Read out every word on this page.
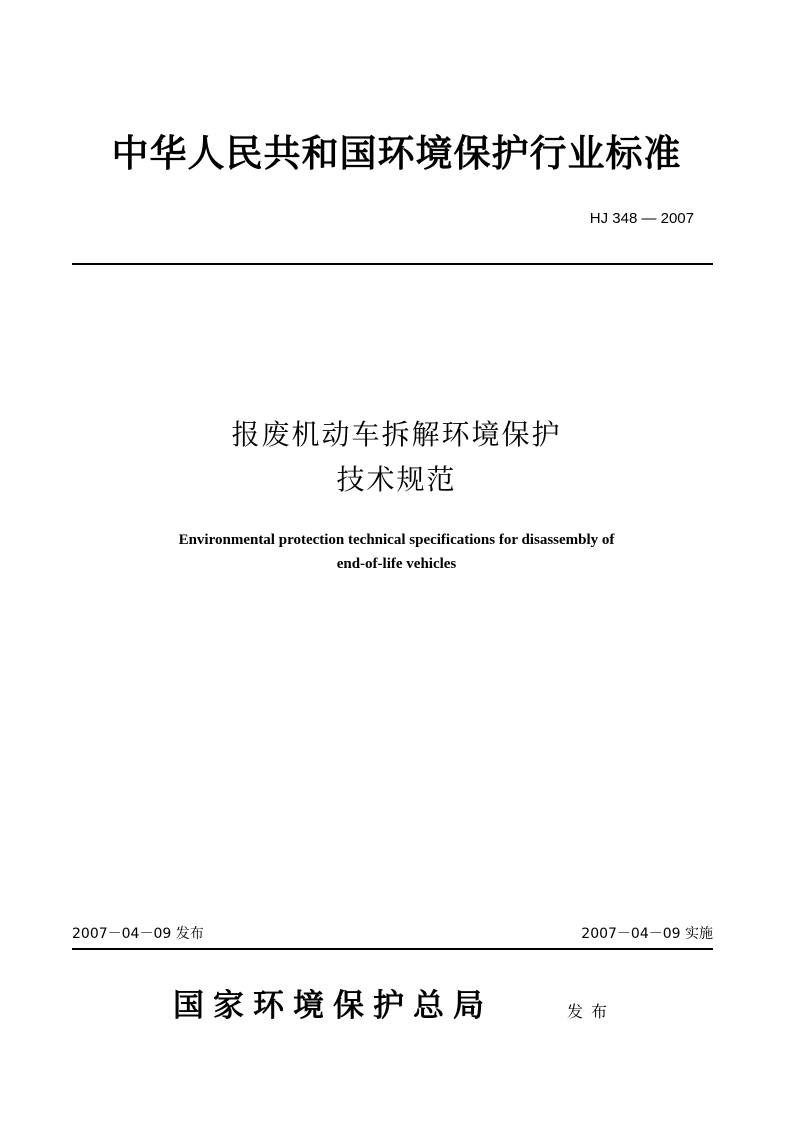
中华人民共和国环境保护行业标准
HJ 348 — 2007
报废机动车拆解环境保护
技术规范
Environmental protection technical specifications for disassembly of
end-of-life vehicles
2007－04－09 发布	2007－04－09 实施
国家环境保护总局	发布
